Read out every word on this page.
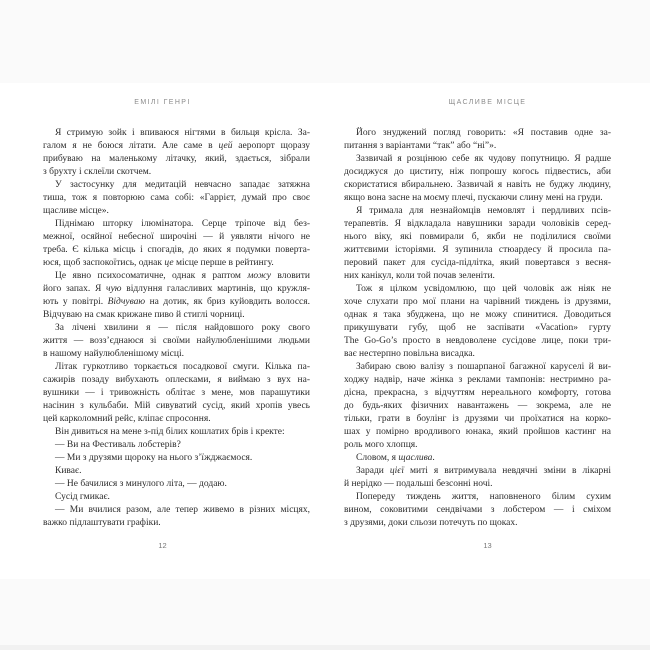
ЕМІЛІ ГЕНРІ
Я стримую зойк і впиваюся нігтями в бильця крісла. За-
галом я не боюся літати. Але саме в цей аеропорт щоразу
прибуваю на маленькому літачку, який, здається, зібрали
з брухту і склеїли скотчем.
У застосунку для медитацій невчасно западає затяжна
тиша, тож я повторюю сама собі: «Гаррієт, думай про своє
щасливе місце».
Піднімаю шторку ілюмінатора. Серце тріпоче від без-
межної, осяйної небесної широчіні — й уявляти нічого не
треба. Є кілька місць і спогадів, до яких я подумки поверта-
юся, щоб заспокоїтись, однак це місце перше в рейтингу.
Це явно психосоматичне, однак я раптом можу вловити
його запах. Я чую відлуння галасливих мартинів, що кружля-
ють у повітрі. Відчуваю на дотик, як бриз куйовдить волосся.
Відчуваю на смак крижане пиво й стиглі чорниці.
За лічені хвилини я — після найдовшого року свого
життя — возз’єднаюся зі своїми найулюбленішими людьми
в нашому найулюбленішому місці.
Літак гуркотливо торкається посадкової смуги. Кілька па-
сажирів позаду вибухають оплесками, я виймаю з вух на-
вушники — і тривожність облітає з мене, мов парашутики
насінин з кульбаби. Мій сивуватий сусід, який хропів увесь
цей карколомний рейс, кліпає спросоння.
Він дивиться на мене з-під білих кошлатих брів і кректе:
— Ви на Фестиваль лобстерів?
— Ми з друзями щороку на нього з’їжджаємося.
Киває.
— Не бачилися з минулого літа, — додаю.
Сусід гмикає.
— Ми вчилися разом, але тепер живемо в різних місцях,
важко підлаштувати графіки.
12
ЩАСЛИВЕ МІСЦЕ
Його знуджений погляд говорить: «Я поставив одне за-
питання з варіантами “так” або “ні”».
Зазвичай я розцінюю себе як чудову попутницю. Я радше
досиджуся до циститу, ніж попрошу когось підвестись, аби
скористатися вбиральнею. Зазвичай я навіть не буджу людину,
якщо вона засне на моєму плечі, пускаючи слину мені на груди.
Я тримала для незнайомців немовлят і пердливих псів-
терапевтів. Я відкладала навушники заради чоловіків серед-
нього віку, які повмирали б, якби не поділилися своїми
життєвими історіями. Я зупинила стюардесу й просила па-
перовий пакет для сусіда-підлітка, який повертався з весня-
них канікул, коли той почав зеленіти.
Тож я цілком усвідомлюю, що цей чоловік аж ніяк не
хоче слухати про мої плани на чарівний тиждень із друзями,
однак я така збуджена, що не можу спинитися. Доводиться
прикушувати губу, щоб не заспівати «Vacation» гурту
The Go-Go’s просто в невдоволене сусідове лице, поки три-
ває нестерпно повільна висадка.
Забираю свою валізу з пошарпаної багажної каруселі й ви-
ходжу надвір, наче жінка з реклами тампонів: нестримно ра-
дісна, прекрасна, з відчуттям нереального комфорту, готова
до будь-яких фізичних навантажень — зокрема, але не
тільки, грати в боулінг із друзями чи проїхатися на корко-
шах у помірно вродливого юнака, який пройшов кастинг на
роль мого хлопця.
Словом, я щаслива.
Заради цієї миті я витримувала невдячні зміни в лікарні
й нерідко — подальші безсонні ночі.
Попереду тиждень життя, наповненого білим сухим
вином, соковитими сендвічами з лобстером — і сміхом
з друзями, доки сльози потечуть по щоках.
13
